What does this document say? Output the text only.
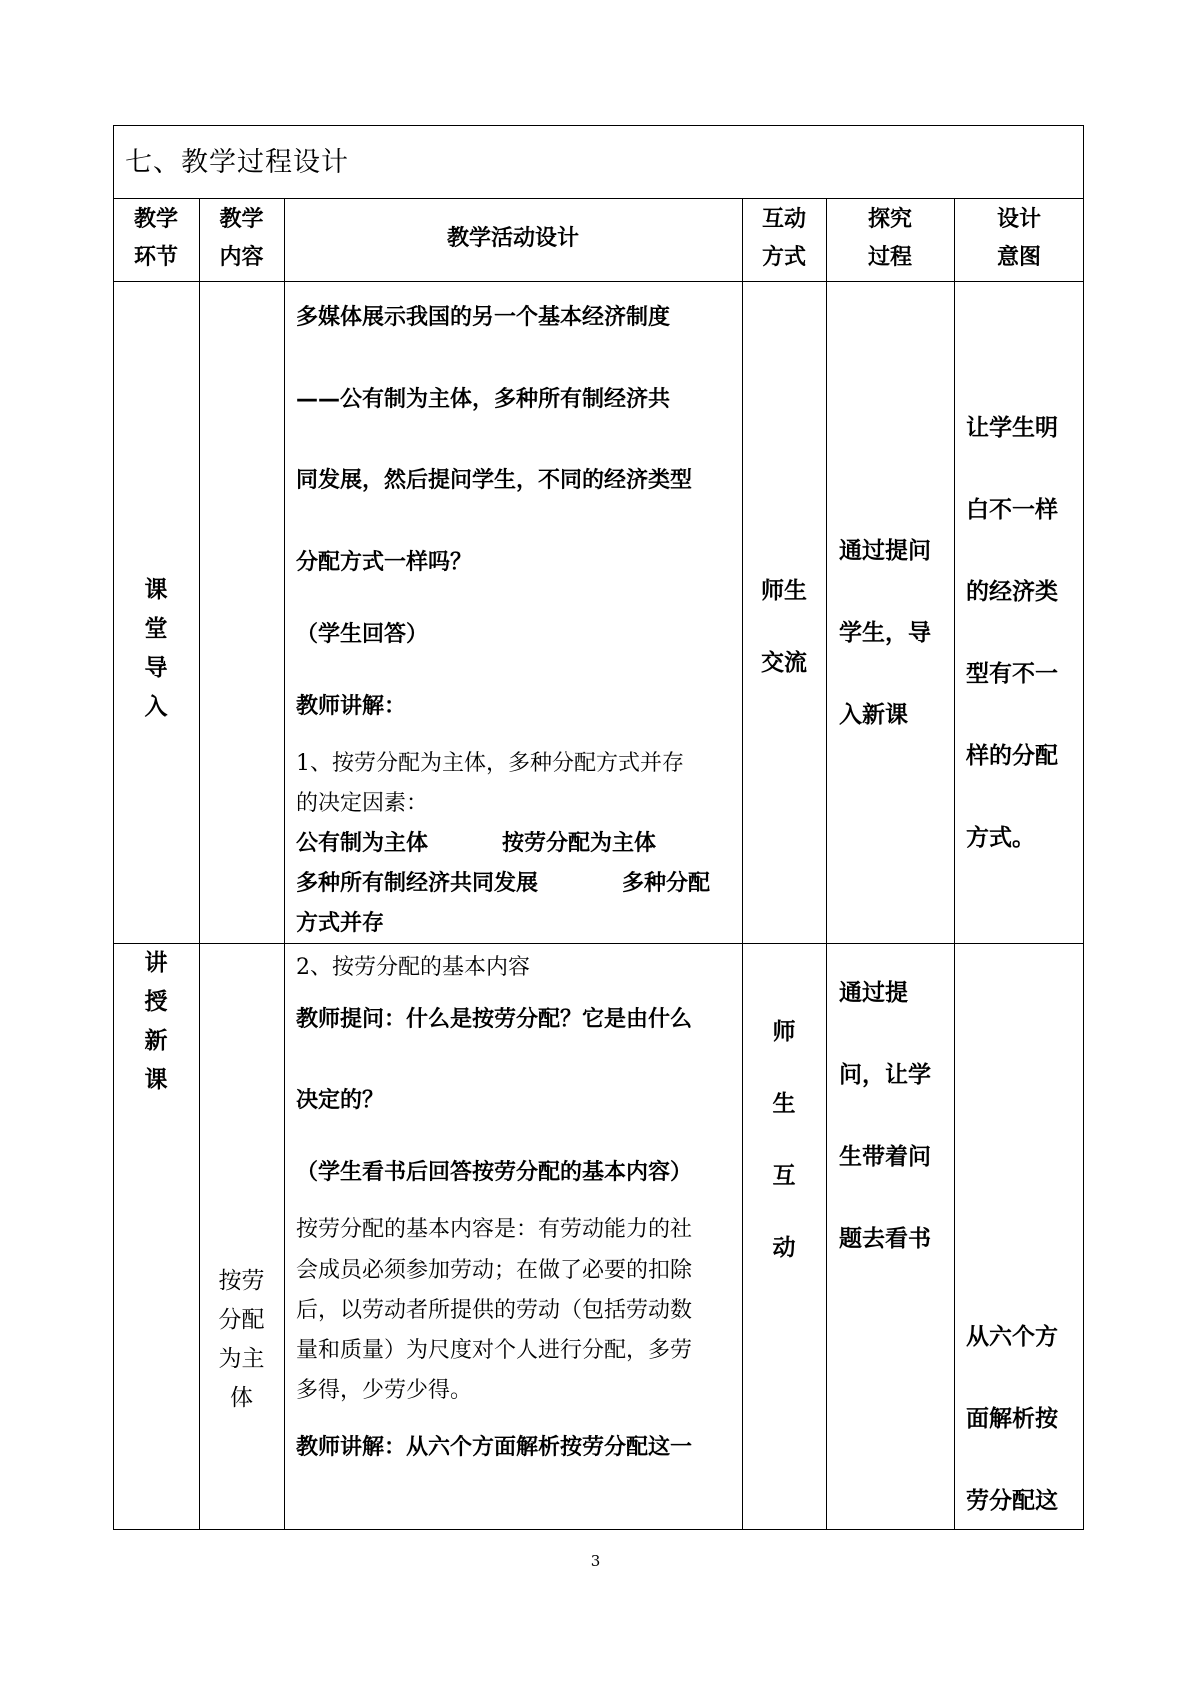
七、教学过程设计
教学
环节
教学
内容
教学活动设计
互动
方式
探究
过程
设计
意图
课
堂
导
入
多媒体展示我国的另一个基本经济制度
——公有制为主体，多种所有制经济共
同发展，然后提问学生，不同的经济类型
分配方式一样吗？
（学生回答）
教师讲解：
1、按劳分配为主体，多种分配方式并存
的决定因素：
公有制为主体	按劳分配为主体
多种所有制经济共同发展	多种分配
方式并存
师生
交流
通过提问
学生，导
入新课
让学生明
白不一样
的经济类
型有不一
样的分配
方式。
讲
授
新
课
按劳
分配
为主
体
2、按劳分配的基本内容
教师提问：什么是按劳分配？它是由什么
决定的？
（学生看书后回答按劳分配的基本内容）
按劳分配的基本内容是：有劳动能力的社
会成员必须参加劳动；在做了必要的扣除
后，以劳动者所提供的劳动（包括劳动数
量和质量）为尺度对个人进行分配，多劳
多得，少劳少得。
教师讲解：从六个方面解析按劳分配这一
师
生
互
动
通过提
问，让学
生带着问
题去看书
从六个方
面解析按
劳分配这
3
